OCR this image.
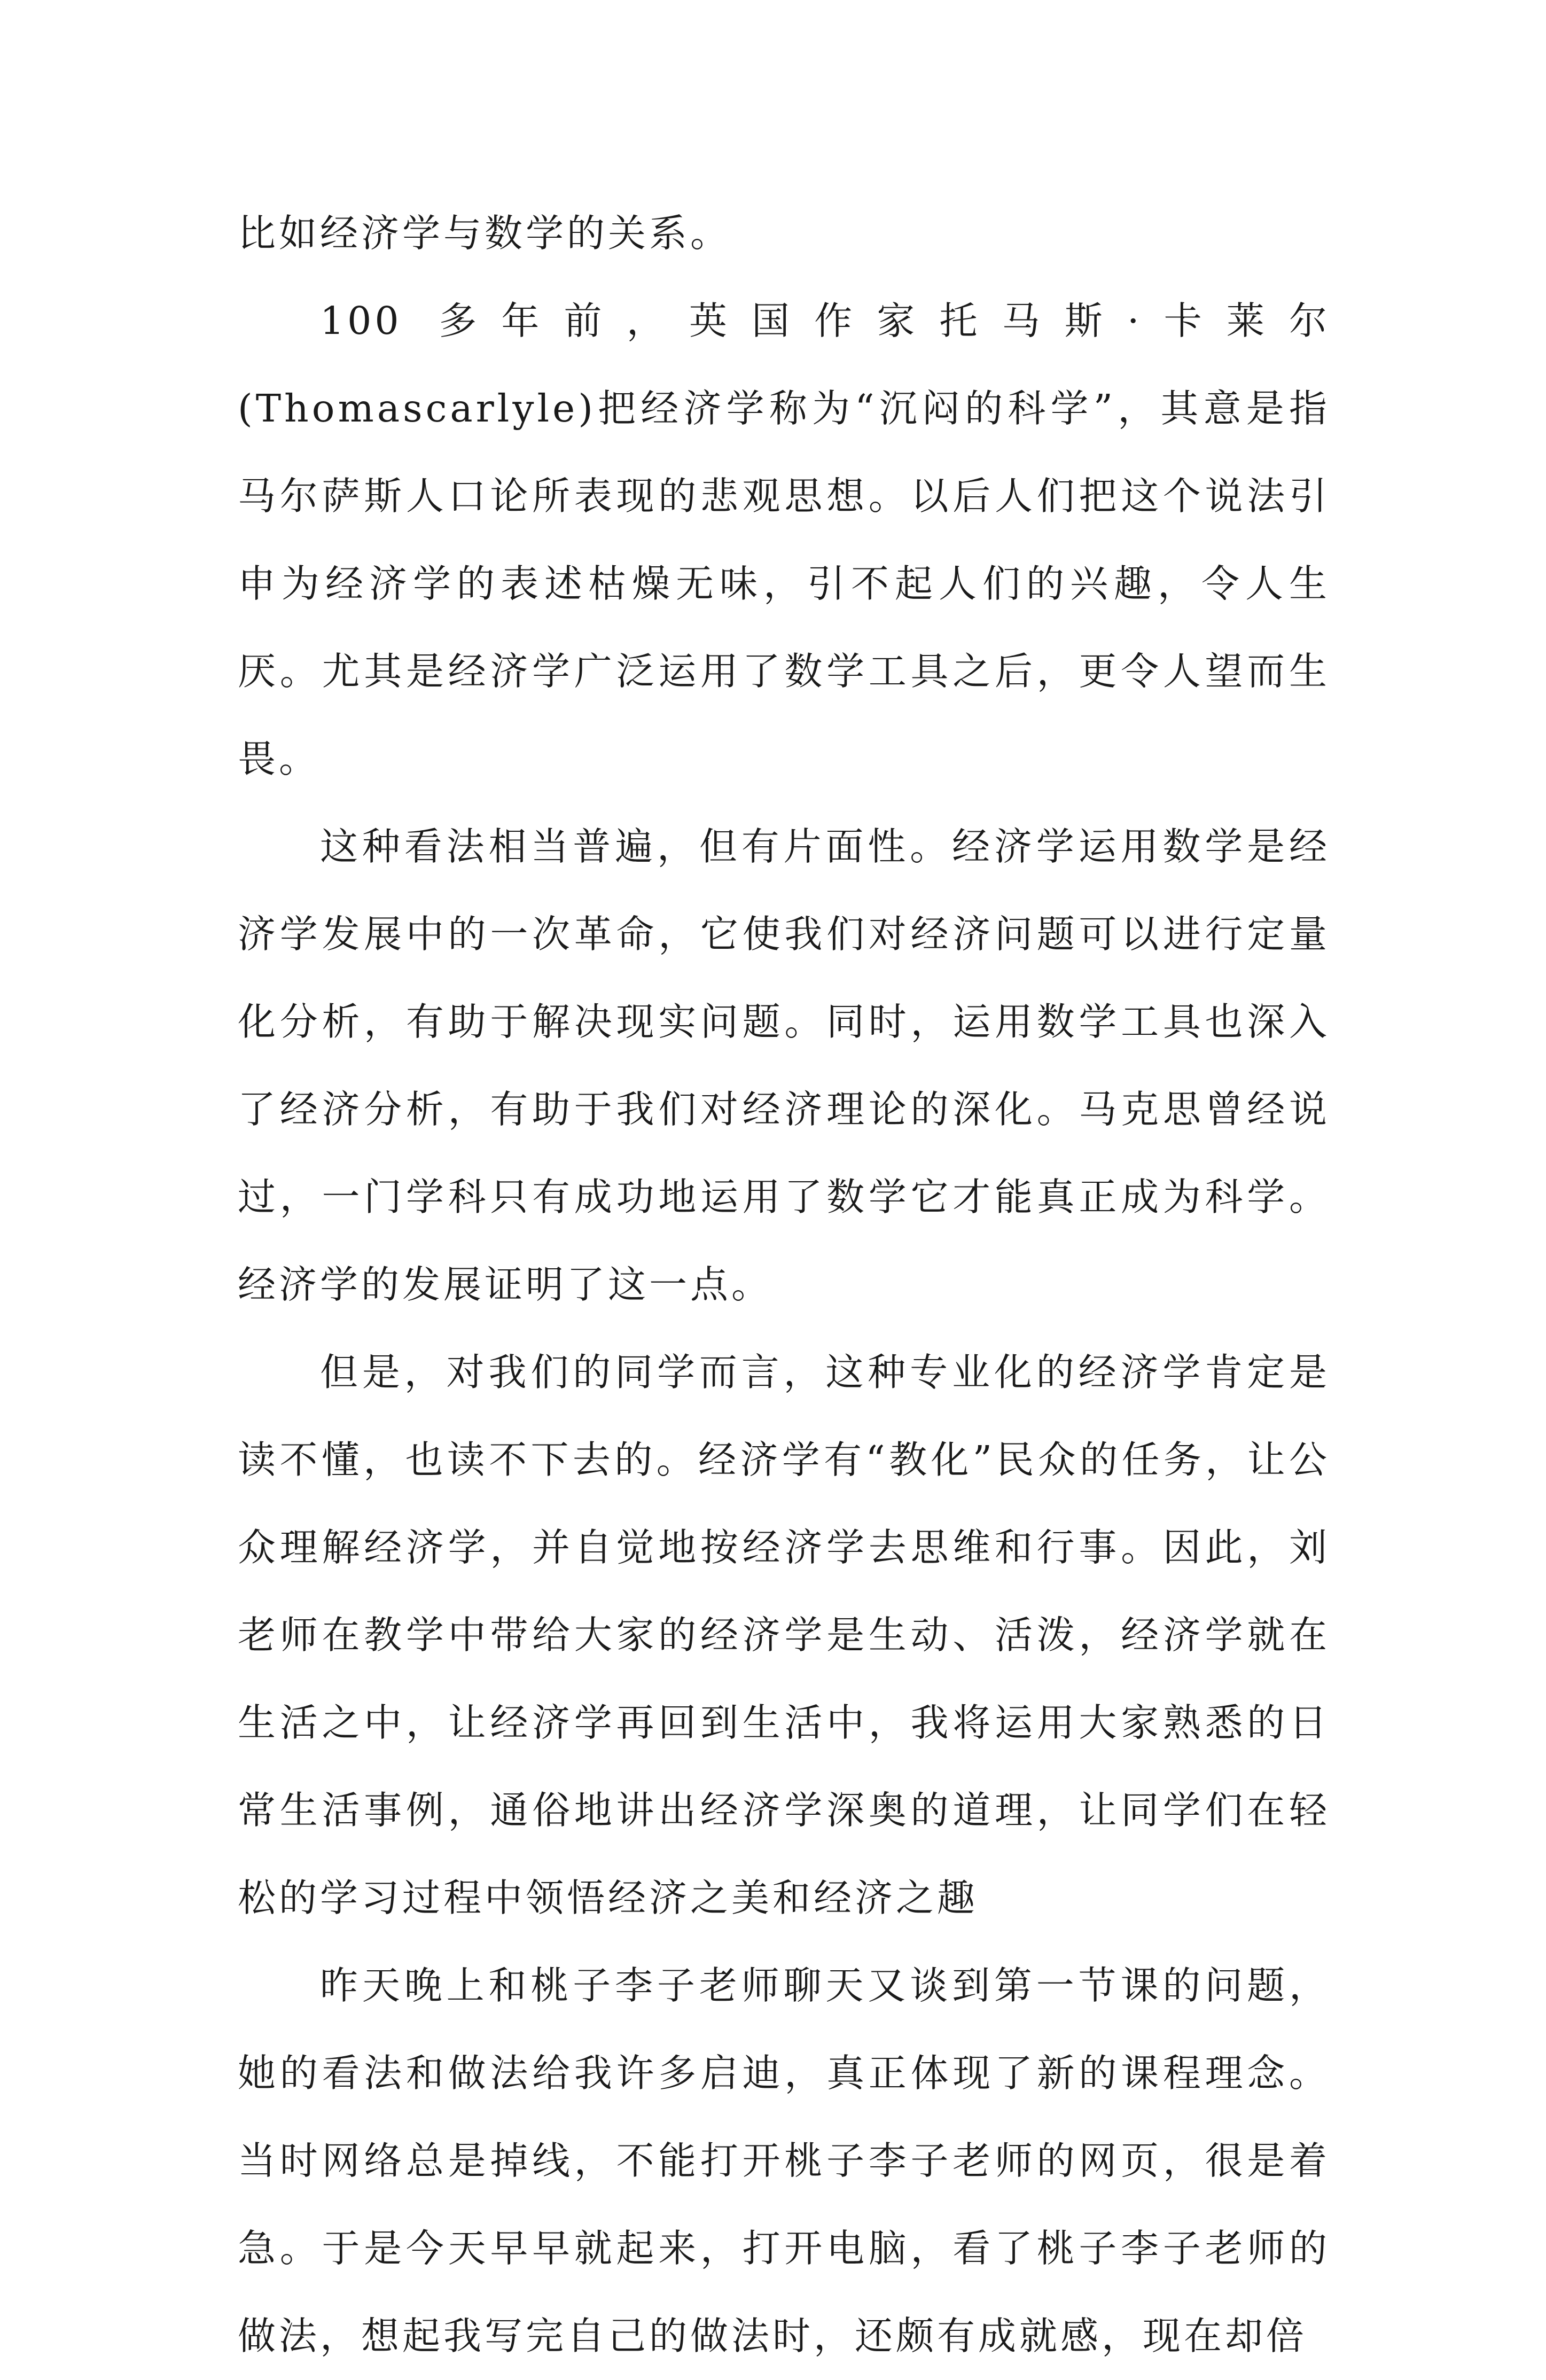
比如经济学与数学的关系。

100 多年前，英国作家托马斯·卡莱尔(Thomascarlyle)把经济学称为“沉闷的科学”，其意是指马尔萨斯人口论所表现的悲观思想。以后人们把这个说法引申为经济学的表述枯燥无味，引不起人们的兴趣，令人生厌。尤其是经济学广泛运用了数学工具之后，更令人望而生畏。

这种看法相当普遍，但有片面性。经济学运用数学是经济学发展中的一次革命，它使我们对经济问题可以进行定量化分析，有助于解决现实问题。同时，运用数学工具也深入了经济分析，有助于我们对经济理论的深化。马克思曾经说过，一门学科只有成功地运用了数学它才能真正成为科学。经济学的发展证明了这一点。

但是，对我们的同学而言，这种专业化的经济学肯定是读不懂，也读不下去的。经济学有“教化”民众的任务，让公众理解经济学，并自觉地按经济学去思维和行事。因此，刘老师在教学中带给大家的经济学是生动、活泼，经济学就在生活之中，让经济学再回到生活中，我将运用大家熟悉的日常生活事例，通俗地讲出经济学深奥的道理，让同学们在轻松的学习过程中领悟经济之美和经济之趣

昨天晚上和桃子李子老师聊天又谈到第一节课的问题，她的看法和做法给我许多启迪，真正体现了新的课程理念。当时网络总是掉线，不能打开桃子李子老师的网页，很是着急。于是今天早早就起来，打开电脑，看了桃子李子老师的做法，想起我写完自己的做法时，还颇有成就感，现在却倍
